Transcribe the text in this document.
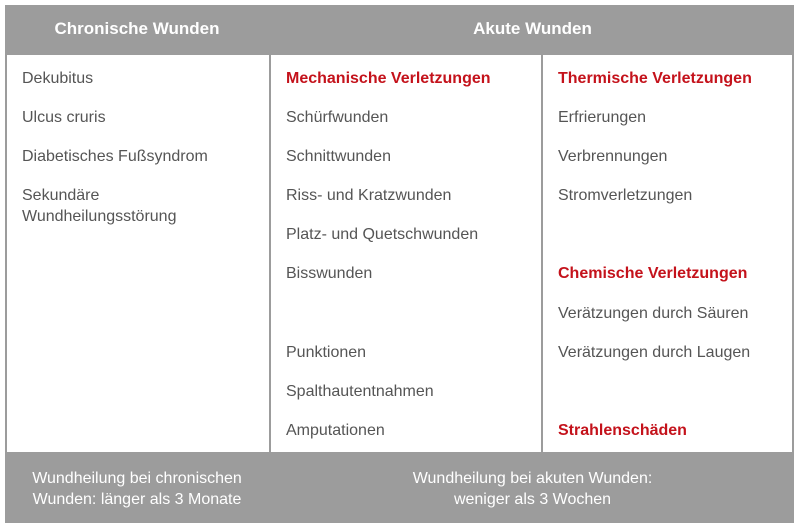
Chronische Wunden	Akute Wunden
Dekubitus
Ulcus cruris
Diabetisches Fußsyndrom
Sekundäre Wundheilungsstörung
Mechanische Verletzungen
Schürfwunden
Schnittwunden
Riss- und Kratzwunden
Platz- und Quetschwunden
Bisswunden
Punktionen
Spalthautentnahmen
Amputationen
Thermische Verletzungen
Erfrierungen
Verbrennungen
Stromverletzungen
Chemische Verletzungen
Verätzungen durch Säuren
Verätzungen durch Laugen
Strahlenschäden
Wundheilung bei chronischen
Wunden: länger als 3 Monate
Wundheilung bei akuten Wunden:
weniger als 3 Wochen
